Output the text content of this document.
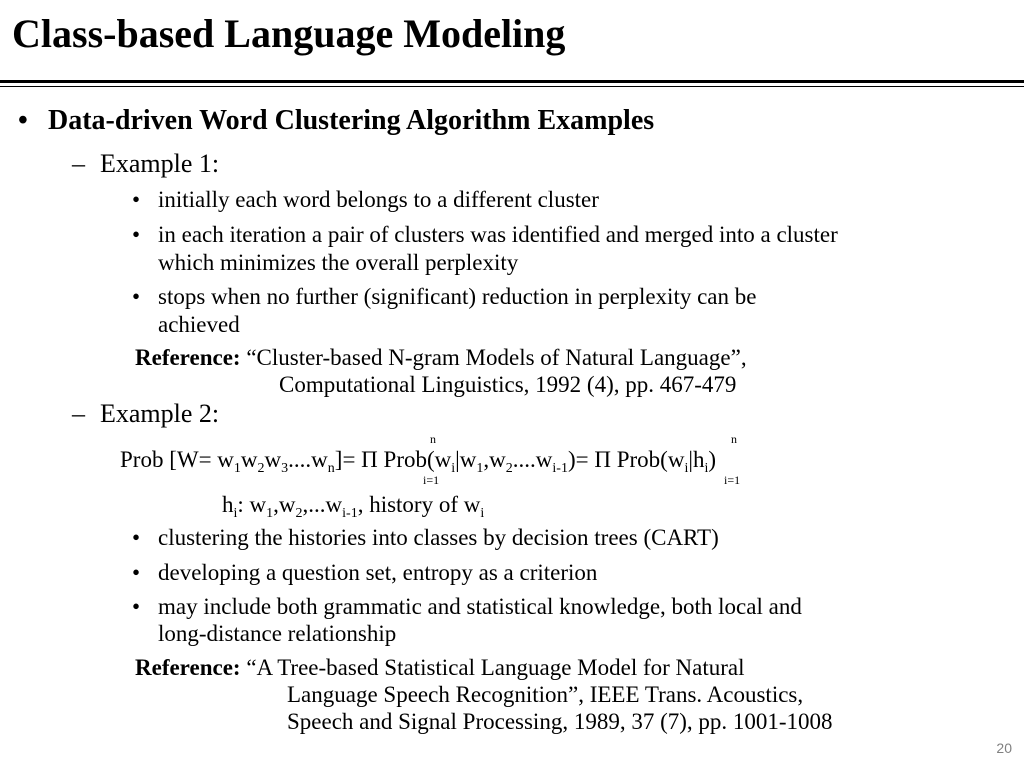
Class-based Language Modeling
• Data-driven Word Clustering Algorithm Examples
– Example 1:
• initially each word belongs to a different cluster
• in each iteration a pair of clusters was identified and merged into a cluster
which minimizes the overall perplexity
• stops when no further (significant) reduction in perplexity can be
achieved
Reference: “Cluster-based N-gram Models of Natural Language”,
Computational Linguistics, 1992 (4), pp. 467-479
– Example 2:
Prob $[W= w_1w_2w_3....w_n]= \Pi$ $Prob(w_i|w_1,w_2....w_{i-1})= \Pi$ $Prob(w_i|h_i)$
n
i=1
n
i=1
$h_i$: $w_1,w_2,...w_{i-1}$, history of $w_i$
• clustering the histories into classes by decision trees (CART)
• developing a question set, entropy as a criterion
• may include both grammatic and statistical knowledge, both local and
long-distance relationship
Reference: “A Tree-based Statistical Language Model for Natural
Language Speech Recognition”, IEEE Trans. Acoustics,
Speech and Signal Processing, 1989, 37 (7), pp. 1001-1008
20
